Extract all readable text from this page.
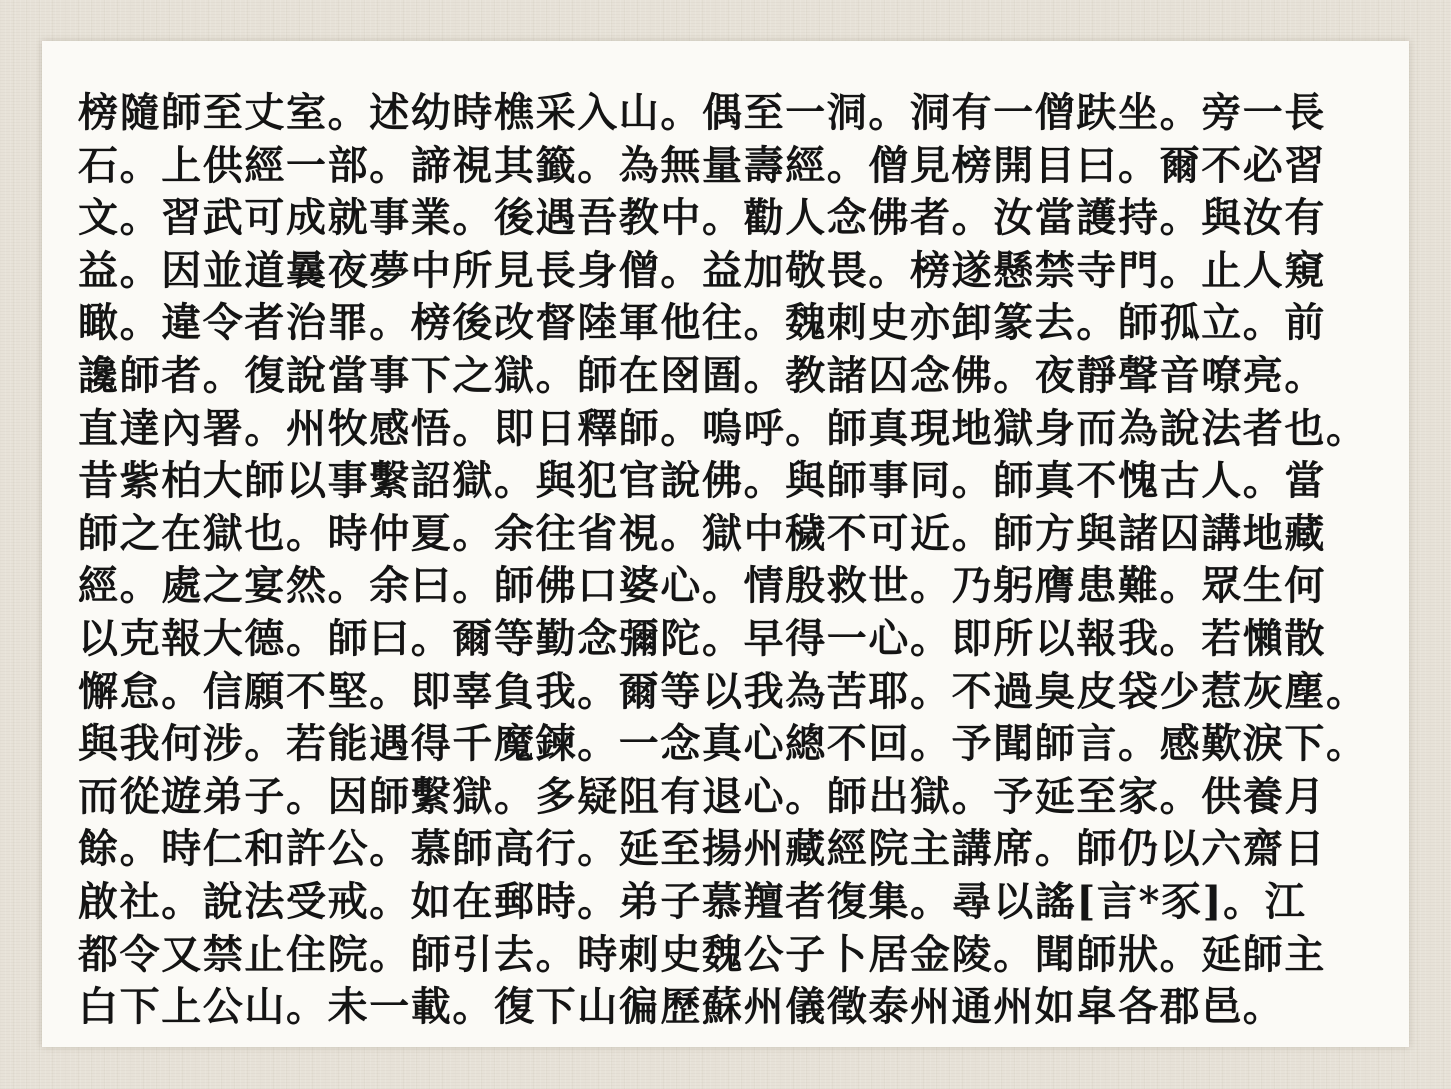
榜隨師至丈室。述幼時樵采入山。偶至一洞。洞有一僧趺坐。旁一長
石。上供經一部。諦視其籤。為無量壽經。僧見榜開目曰。爾不必習
文。習武可成就事業。後遇吾教中。勸人念佛者。汝當護持。與汝有
益。因並道曩夜夢中所見長身僧。益加敬畏。榜遂懸禁寺門。止人窺
瞰。違令者治罪。榜後改督陸軍他往。魏刺史亦卸篆去。師孤立。前
讒師者。復說當事下之獄。師在囹圄。教諸囚念佛。夜靜聲音嘹亮。
直達內署。州牧感悟。即日釋師。嗚呼。師真現地獄身而為說法者也。
昔紫柏大師以事繫詔獄。與犯官說佛。與師事同。師真不愧古人。當
師之在獄也。時仲夏。余往省視。獄中穢不可近。師方與諸囚講地藏
經。處之宴然。余曰。師佛口婆心。情殷救世。乃躬膺患難。眾生何
以克報大德。師曰。爾等勤念彌陀。早得一心。即所以報我。若懶散
懈怠。信願不堅。即辜負我。爾等以我為苦耶。不過臭皮袋少惹灰塵。
與我何涉。若能遇得千魔鍊。一念真心總不回。予聞師言。感歎淚下。
而從遊弟子。因師繫獄。多疑阻有退心。師出獄。予延至家。供養月
餘。時仁和許公。慕師高行。延至揚州藏經院主講席。師仍以六齋日
啟社。說法受戒。如在郵時。弟子慕羶者復集。尋以謠[言*豕]。江
都令又禁止住院。師引去。時刺史魏公子卜居金陵。聞師狀。延師主
白下上公山。未一載。復下山徧歷蘇州儀徵泰州通州如皐各郡邑。
